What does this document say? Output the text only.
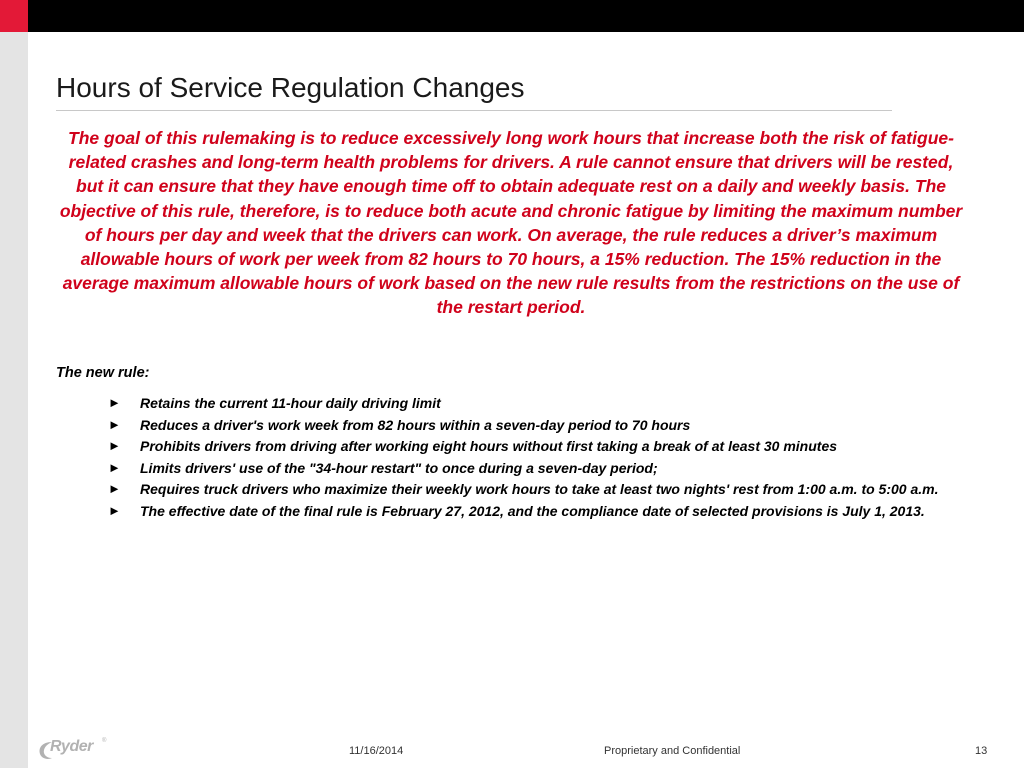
Hours of Service Regulation Changes
The goal of this rulemaking is to reduce excessively long work hours that increase both the risk of fatigue-related crashes and long-term health problems for drivers. A rule cannot ensure that drivers will be rested, but it can ensure that they have enough time off to obtain adequate rest on a daily and weekly basis. The objective of this rule, therefore, is to reduce both acute and chronic fatigue by limiting the maximum number of hours per day and week that the drivers can work. On average, the rule reduces a driver’s maximum allowable hours of work per week from 82 hours to 70 hours, a 15% reduction. The 15% reduction in the average maximum allowable hours of work based on the new rule results from the restrictions on the use of the restart period.
The new rule:
► Retains the current 11-hour daily driving limit
► Reduces a driver's work week from 82 hours within a seven-day period to 70 hours
► Prohibits drivers from driving after working eight hours without first taking a break of at least 30 minutes
► Limits drivers' use of the "34-hour restart" to once during a seven-day period;
► Requires truck drivers who maximize their weekly work hours to take at least two nights' rest from 1:00 a.m. to 5:00 a.m.
► The effective date of the final rule is February 27, 2012, and the compliance date of selected provisions is July 1, 2013.
Ryder ®
11/16/2014	Proprietary and Confidential	13
